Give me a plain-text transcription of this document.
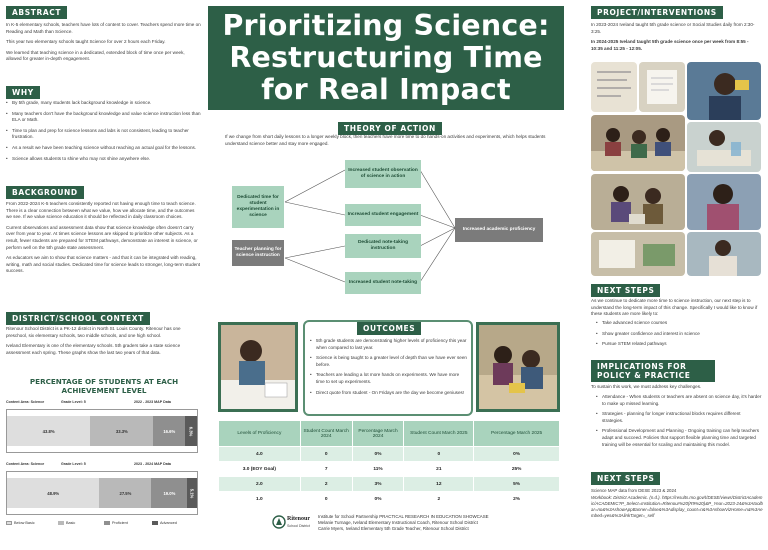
ABSTRACT

In K-5 elementary schools, teachers have lots of content to cover. Teachers spend more time on Reading and Math than Science.

This year two elementary schools taught Science for over 2 hours each Friday.

We learned that teaching science in a dedicated, extended block of time once per week, allowed for greater in-depth engagement.

WHY
• By 5th grade, many students lack background knowledge in science.
• Many teachers don't have the background knowledge and value science instruction less than ELA or Math.
• Time to plan and prep for science lessons and labs is not consistent, leading to teacher frustration.
• As a result we have been teaching science without reaching an actual goal for the lessons.
• Science allows students to shine who may not shine anywhere else.
BACKGROUND

From 2022-2024 K-5 teachers consistently reported not having enough time to teach science. There is a clear connection between what we value, how we allocate time, and the outcomes we see. If we value science education it should be reflected in daily classroom choices.

Current observations and assessment data show that science knowledge often doesn't carry over from year to year. At times science lessons are skipped to prioritize other subjects. As a result, fewer students are prepared for STEM pathways, demonstrate an interest in science, or perform well on the 5th grade state assessment.

As educators we aim to show that science matters - and that it can be integrated with reading, writing, math and social studies. Dedicated time for science leads to stronger, long-term student success.

DISTRICT/SCHOOL CONTEXT

Ritenour School District is a PK-12 district in North St. Louis County. Ritenour has one preschool, six elementary schools, two middle schools, and one high school.

Iveland Elementary is one of the elementary schools. 5th graders take a state science assessment each spring. These graphs show the last two years of that data.

PERCENTAGE OF STUDENTS AT EACH ACHIEVEMENT LEVEL
Content Area: Science	Grade Level: 5	2022 - 2023 MAP Data
43.8%	33.3%	16.6%	6.3%
Content Area: Science	Grade Level: 5	2023 - 2024 MAP Data
48.9%	27.5%	19.0%	5.1%
Below Basic	Basic	Proficient	Advanced
Prioritizing Science: Restructuring Time for Real Impact
THEORY OF ACTION
If we change from short daily lessons to a longer weekly block, then teachers have more time to do hands-on activities and experiments, which helps students understand science better and stay more engaged.
Increased student observation of science in action
Dedicated time for student experimentation in science	Increased student engagement
Increased academic proficiency
Teacher planning for science instruction
Dedicated note-taking instruction
Increased student note-taking
OUTCOMES
• 5th grade students are demonstrating higher levels of proficiency this year when compared to last year.
• Science is being taught to a greater level of depth than we have ever seen before.
• Teachers are leading a lot more hands on experiments. We have more time to set up experiments.
• Direct quote from student - On Fridays are the day we become geniuses!
Levels of Proficiency	Student Count March 2024	Percentage March 2024	Student Count March 2025	Percentage March 2025
4.0	0	0%	0	0%
3.0 (EOY Goal)	7	11%	21	25%
2.0	2	3%	12	5%
1.0	0	0%	2	2%
Ritenour
School District
Institute for School Partnership PRACTICAL RESEARCH IN EDUCATION SHOWCASE
Melanie Turnage, Iveland Elementary Instructional Coach, Ritenour School District
Carrie Myers, Iveland Elementary 5th Grade Teacher, Ritenour School District
PROJECT/INTERVENTIONS

In 2023-2024 Iveland taught 5th grade science or Social Studies daily from 2:30-3:25.

In 2024-2025 Iveland taught 5th grade science once per week from 8:55 - 10:35 and 11:25 - 12:05.

NEXT STEPS
As we continue to dedicate more time to science instruction, our next step is to understand the long-term impact of this change. Specifically I would like to know if these students are more likely to:
• Take advanced science courses
• Show greater confidence and interest in science
• Pursue STEM related pathways
IMPLICATIONS FOR POLICY & PRACTICE
To sustain this work, we must address key challenges.
• Attendance - When students or teachers are absent on science day, it's harder to make up missed learning.
• Strategies - planning for longer instructional blocks requires different strategies.
• Professional Development and Planning - Ongoing training can help teachers adapt and succeed. Policies that support flexible planning time and targeted training will be essential for scaling and maintaining this model.
NEXT STEPS

Science MAP data from DESE 2023 & 2024

Workbook: District Academic. (n.d.). https://results.mo.gov/t/DESE/views/DistrictAcademic/ACADEMIC?P_Select=Institution=Ritenour%20(R9%20)&P_Year=2023-24&%3Atoolbar=no&%3AshowAppBanner=false&%3Adisplay_count=n&%3AshowVizHome=n&%3Aembed=yes&%3AlinkTarget=_self
